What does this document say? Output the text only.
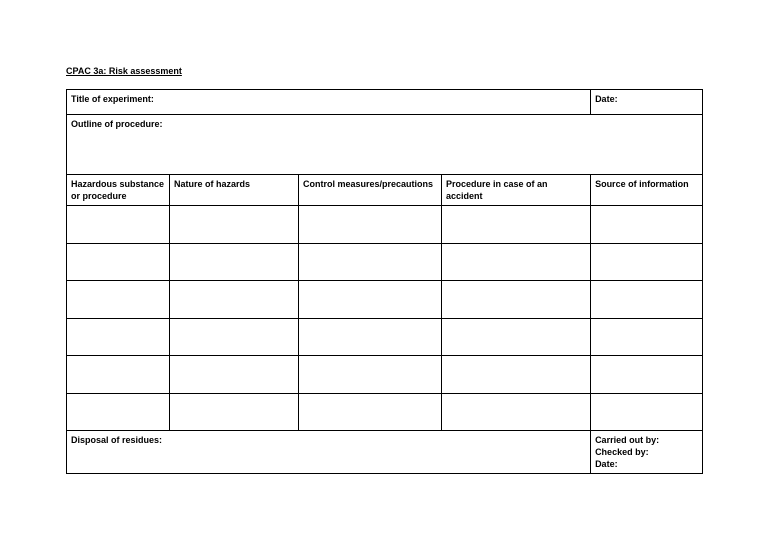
CPAC 3a: Risk assessment
Title of experiment:				Date:
Outline of procedure:				
Hazardous substance or procedure	Nature of hazards	Control measures/precautions	Procedure in case of an accident	Source of information

Disposal of residues:				Carried out by:
Checked by:
Date:
